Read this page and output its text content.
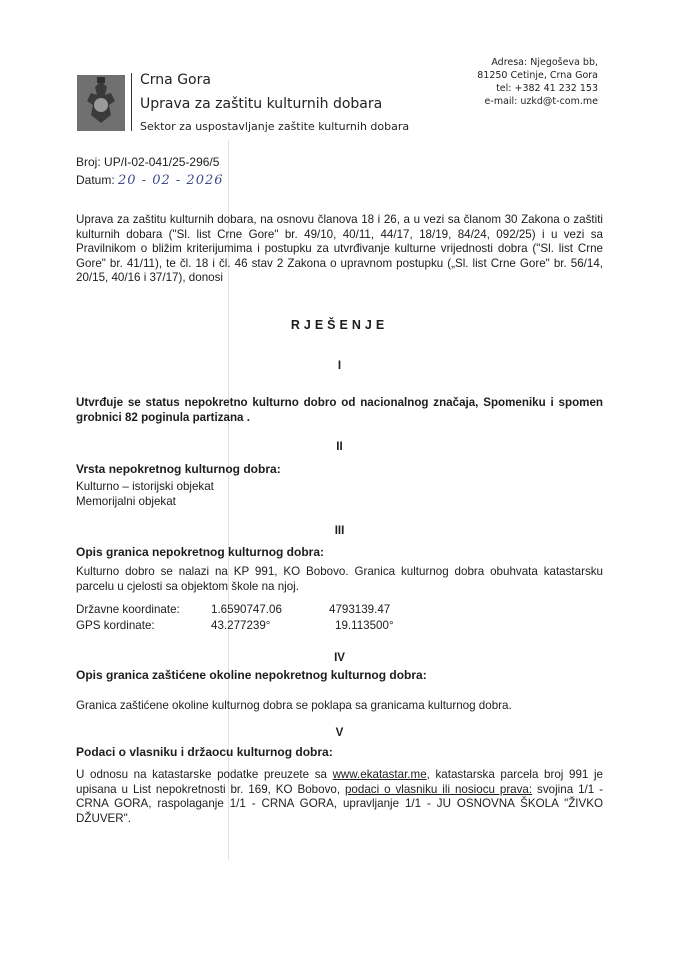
Crna Gora
Uprava za zaštitu kulturnih dobara
Sektor za uspostavljanje zaštite kulturnih dobara
Adresa: Njegoševa bb,
81250 Cetinje, Crna Gora
tel: +382 41 232 153
e-mail: uzkd@t-com.me
Broj: UP/I-02-041/25-296/5
Datum: 20 - 02 - 2026
Uprava za zaštitu kulturnih dobara, na osnovu članova 18 i 26, a u vezi sa članom 30 Zakona o zaštiti kulturnih dobara ("Sl. list Crne Gore" br. 49/10, 40/11, 44/17, 18/19, 84/24, 092/25) i u vezi sa Pravilnikom o bližim kriterijumima i postupku za utvrđivanje kulturne vrijednosti dobra ("Sl. list Crne Gore" br. 41/11), te čl. 18 i čl. 46 stav 2 Zakona o upravnom postupku („Sl. list Crne Gore" br. 56/14, 20/15, 40/16 i 37/17), donosi
RJEŠENJE
I
Utvrđuje se status nepokretno kulturno dobro od nacionalnog značaja, Spomeniku i spomen grobnici 82 poginula partizana .
II
Vrsta nepokretnog kulturnog dobra:
Kulturno – istorijski objekat
Memorijalni objekat
III
Opis granica nepokretnog kulturnog dobra:
Kulturno dobro se nalazi na KP 991, KO Bobovo. Granica kulturnog dobra obuhvata katastarsku parcelu u cjelosti sa objektom škole na njoj.
Državne koordinate:	1.6590747.06	4793139.47
GPS kordinate:	43.277239°	19.113500°
IV
Opis granica zaštićene okoline nepokretnog kulturnog dobra:
Granica zaštićene okoline kulturnog dobra se poklapa sa granicama kulturnog dobra.
V
Podaci o vlasniku i držaocu kulturnog dobra:
U odnosu na katastarske podatke preuzete sa www.ekatastar.me, katastarska parcela broj 991 je upisana u List nepokretnosti br. 169, KO Bobovo, podaci o vlasniku ili nosiocu prava: svojina 1/1 - CRNA GORA, raspolaganje 1/1 - CRNA GORA, upravljanje 1/1 - JU OSNOVNA ŠKOLA "ŽIVKO DŽUVER".
